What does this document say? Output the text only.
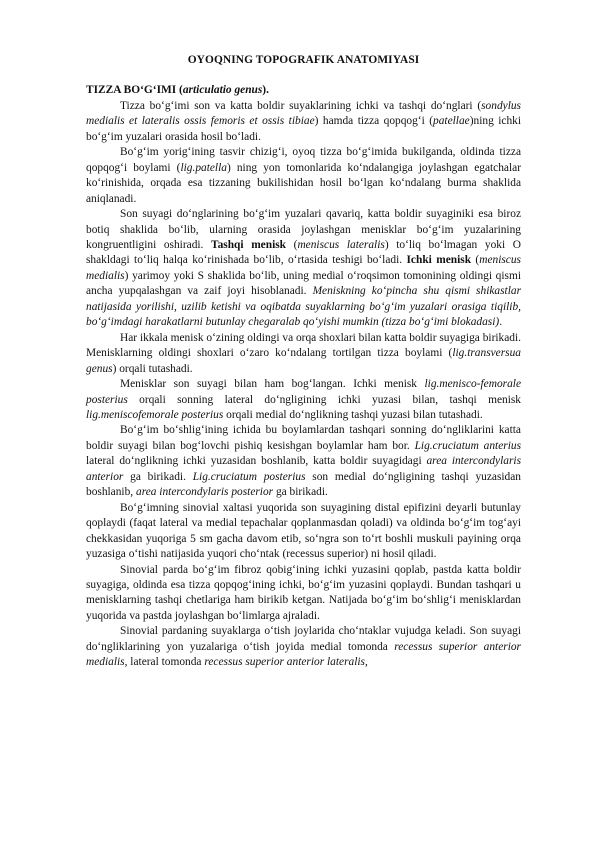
OYOQNING TOPOGRAFIK ANATOMIYASI
TIZZA BO‘G‘IMI (articulatio genus).

Tizza bo‘g‘imi son va katta boldir suyaklarining ichki va tashqi do‘nglari (sondylus medialis et lateralis ossis femoris et ossis tibiae) hamda tizza qopqog‘i (patellae)ning ichki bo‘g‘im yuzalari orasida hosil bo‘ladi.

Bo‘g‘im yorig‘ining tasvir chizig‘i, oyoq tizza bo‘g‘imida bukilganda, oldinda tizza qopqog‘i boylami (lig.patella) ning yon tomonlarida ko‘ndalangiga joylashgan egatchalar ko‘rinishida, orqada esa tizzaning bukilishidan hosil bo‘lgan ko‘ndalang burma shaklida aniqlanadi.

Son suyagi do‘nglarining bo‘g‘im yuzalari qavariq, katta boldir suyaginiki esa biroz botiq shaklida bo‘lib, ularning orasida joylashgan menisklar bo‘g‘im yuzalarining kongruentligini oshiradi. Tashqi menisk (meniscus lateralis) to‘liq bo‘lmagan yoki O shakldagi to‘liq halqa ko‘rinishada bo‘lib, o‘rtasida teshigi bo‘ladi. Ichki menisk (meniscus medialis) yarimoy yoki S shaklida bo‘lib, uning medial o‘roqsimon tomonining oldingi qismi ancha yupqalashgan va zaif joyi hisoblanadi. Meniskning ko‘pincha shu qismi shikastlar natijasida yorilishi, uzilib ketishi va oqibatda suyaklarning bo‘g‘im yuzalari orasiga tiqilib, bo‘g‘imdagi harakatlarni butunlay chegaralab qo‘yishi mumkin (tizza bo‘g‘imi blokadasi).

Har ikkala menisk o‘zining oldingi va orqa shoxlari bilan katta boldir suyagiga birikadi. Menisklarning oldingi shoxlari o‘zaro ko‘ndalang tortilgan tizza boylami (lig.transversua genus) orqali tutashadi.

Menisklar son suyagi bilan ham bog‘langan. Ichki menisk lig.menisco-femorale posterius orqali sonning lateral do‘ngligining ichki yuzasi bilan, tashqi menisk lig.meniscofemorale posterius orqali medial do‘nglikning tashqi yuzasi bilan tutashadi.

Bo‘g‘im bo‘shlig‘ining ichida bu boylamlardan tashqari sonning do‘ngliklarini katta boldir suyagi bilan bog‘lovchi pishiq kesishgan boylamlar ham bor. Lig.cruciatum anterius lateral do‘nglikning ichki yuzasidan boshlanib, katta boldir suyagidagi area intercondylaris anterior ga birikadi. Lig.cruciatum posterius son medial do‘ngligining tashqi yuzasidan boshlanib, area intercondylaris posterior ga birikadi.

Bo‘g‘imning sinovial xaltasi yuqorida son suyagining distal epifizini deyarli butunlay qoplaydi (faqat lateral va medial tepachalar qoplanmasdan qoladi) va oldinda bo‘g‘im tog‘ayi chekkasidan yuqoriga 5 sm gacha davom etib, so‘ngra son to‘rt boshli muskuli payining orqa yuzasiga o‘tishi natijasida yuqori cho‘ntak (recessus superior) ni hosil qiladi.

Sinovial parda bo‘g‘im fibroz qobig‘ining ichki yuzasini qoplab, pastda katta boldir suyagiga, oldinda esa tizza qopqog‘ining ichki, bo‘g‘im yuzasini qoplaydi. Bundan tashqari u menisklarning tashqi chetlariga ham birikib ketgan. Natijada bo‘g‘im bo‘shlig‘i menisklardan yuqorida va pastda joylashgan bo‘limlarga ajraladi.

Sinovial pardaning suyaklarga o‘tish joylarida cho‘ntaklar vujudga keladi. Son suyagi do‘ngliklarining yon yuzalariga o‘tish joyida medial tomonda recessus superior anterior medialis, lateral tomonda recessus superior anterior lateralis,
